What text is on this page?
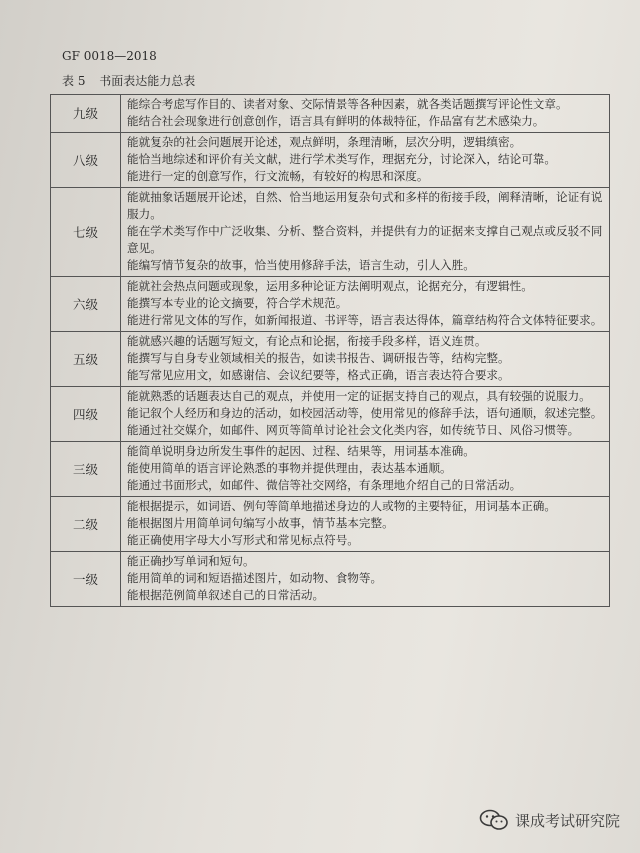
GF 0018—2018
表 5 书面表达能力总表
九级	能综合考虑写作目的、读者对象、交际情景等各种因素，就各类话题撰写评论性文章。
能结合社会现象进行创意创作，语言具有鲜明的体裁特征，作品富有艺术感染力。

八级	能就复杂的社会问题展开论述，观点鲜明，条理清晰，层次分明，逻辑缜密。
能恰当地综述和评价有关文献，进行学术类写作，理据充分，讨论深入，结论可靠。
能进行一定的创意写作，行文流畅，有较好的构思和深度。

七级	能就抽象话题展开论述，自然、恰当地运用复杂句式和多样的衔接手段，阐释清晰，论证有说服力。
能在学术类写作中广泛收集、分析、整合资料，并提供有力的证据来支撑自己观点或反驳不同意见。
能编写情节复杂的故事，恰当使用修辞手法，语言生动，引人入胜。

六级	能就社会热点问题或现象，运用多种论证方法阐明观点，论据充分，有逻辑性。
能撰写本专业的论文摘要，符合学术规范。
能进行常见文体的写作，如新闻报道、书评等，语言表达得体，篇章结构符合文体特征要求。

五级	能就感兴趣的话题写短文，有论点和论据，衔接手段多样，语义连贯。
能撰写与自身专业领域相关的报告，如读书报告、调研报告等，结构完整。
能写常见应用文，如感谢信、会议纪要等，格式正确，语言表达符合要求。

四级	能就熟悉的话题表达自己的观点，并使用一定的证据支持自己的观点，具有较强的说服力。
能记叙个人经历和身边的活动，如校园活动等，使用常见的修辞手法，语句通顺，叙述完整。
能通过社交媒介，如邮件、网页等简单讨论社会文化类内容，如传统节日、风俗习惯等。

三级	能简单说明身边所发生事件的起因、过程、结果等，用词基本准确。
能使用简单的语言评论熟悉的事物并提供理由，表达基本通顺。
能通过书面形式，如邮件、微信等社交网络，有条理地介绍自己的日常活动。

二级	能根据提示，如词语、例句等简单地描述身边的人或物的主要特征，用词基本正确。
能根据图片用简单词句编写小故事，情节基本完整。
能正确使用字母大小写形式和常见标点符号。

一级	能正确抄写单词和短句。
能用简单的词和短语描述图片，如动物、食物等。
能根据范例简单叙述自己的日常活动。
课成考试研究院
